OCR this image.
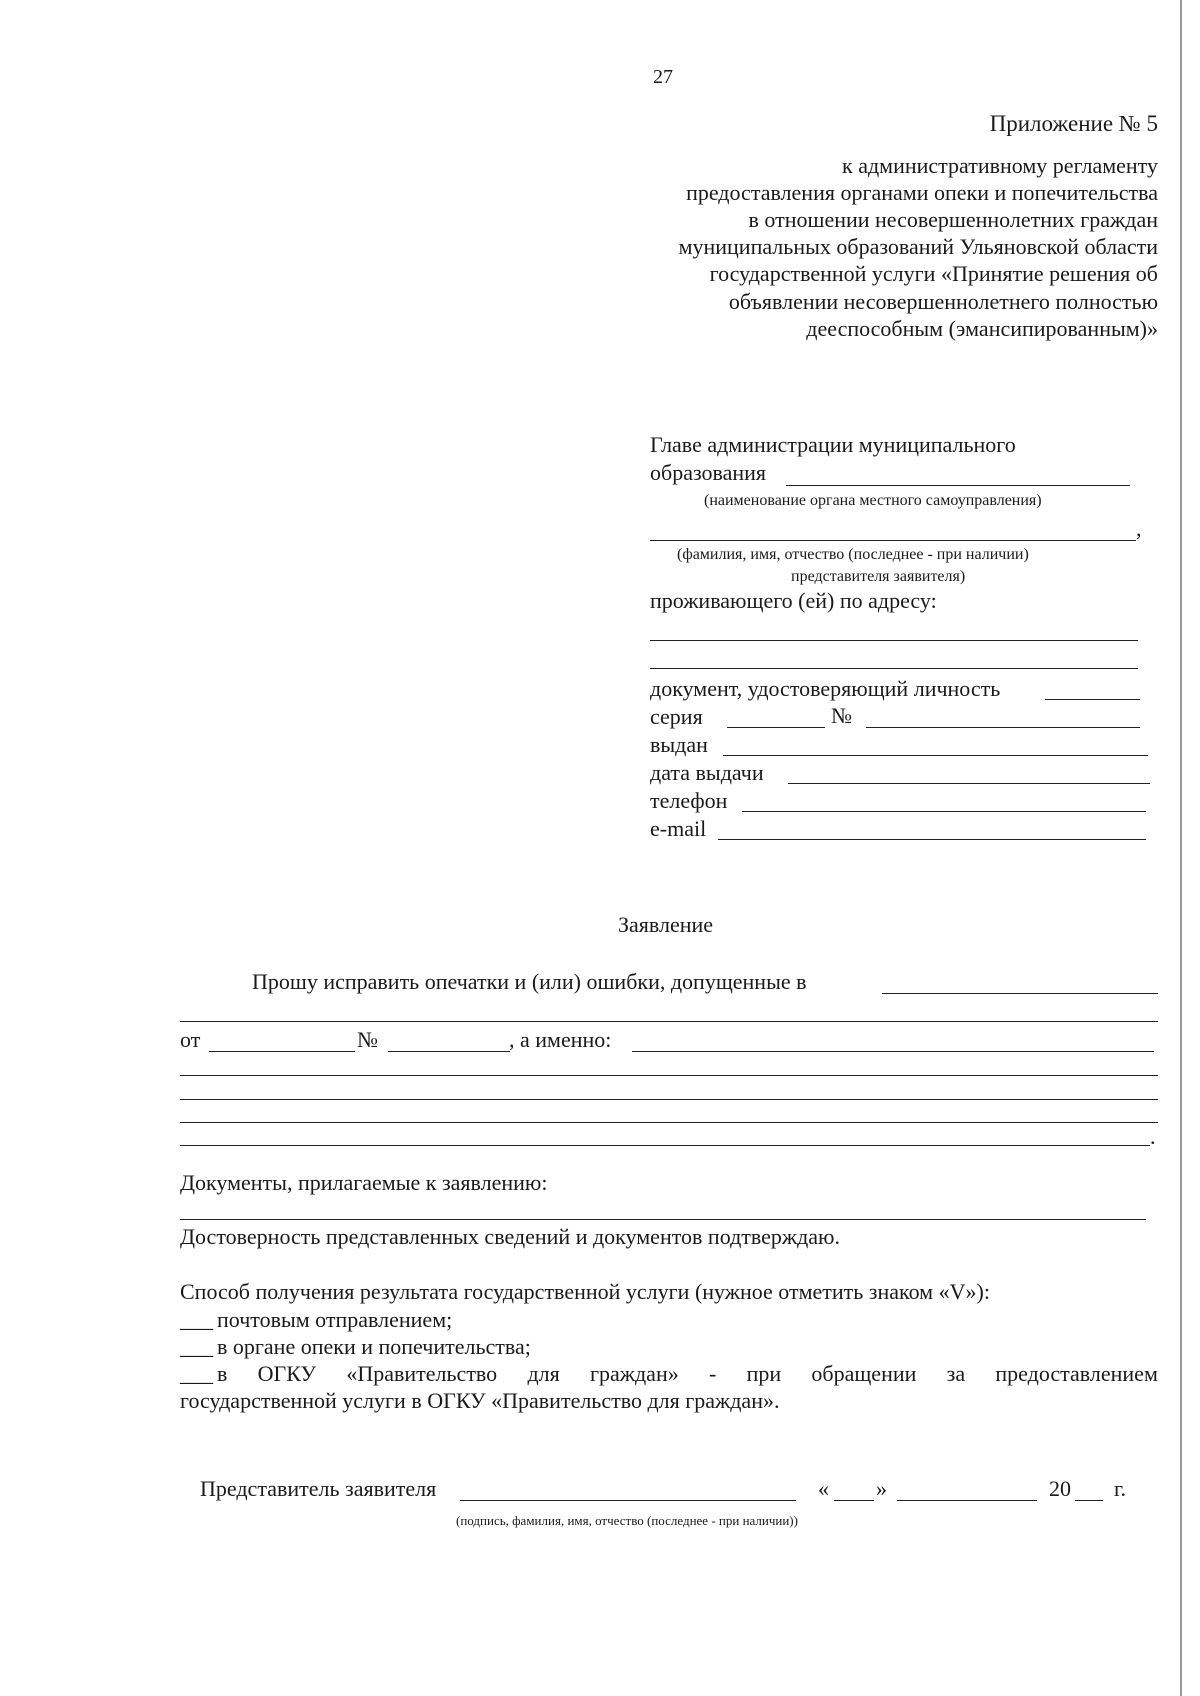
27
Приложение № 5
к административному регламенту
предоставления органами опеки и попечительства
в отношении несовершеннолетних граждан
муниципальных образований Ульяновской области
государственной услуги «Принятие решения об
объявлении несовершеннолетнего полностью
дееспособным (эмансипированным)»
Главе администрации муниципального
образования
(наименование органа местного самоуправления)
,
(фамилия, имя, отчество (последнее - при наличии)
представителя заявителя)
проживающего (ей) по адресу:
документ, удостоверяющий личность
серия	№
выдан
дата выдачи
телефон
e-mail
Заявление
Прошу исправить опечатки и (или) ошибки, допущенные в
от	№	, а именно:
.
Документы, прилагаемые к заявлению:
Достоверность представленных сведений и документов подтверждаю.
Способ получения результата государственной услуги (нужное отметить знаком «V»):
___ почтовым отправлением;
___ в органе опеки и попечительства;
___ в ОГКУ «Правительство для граждан» - при обращении за предоставлением
государственной услуги в ОГКУ «Правительство для граждан».
Представитель заявителя	« »	20 г.
(подпись, фамилия, имя, отчество (последнее - при наличии))
